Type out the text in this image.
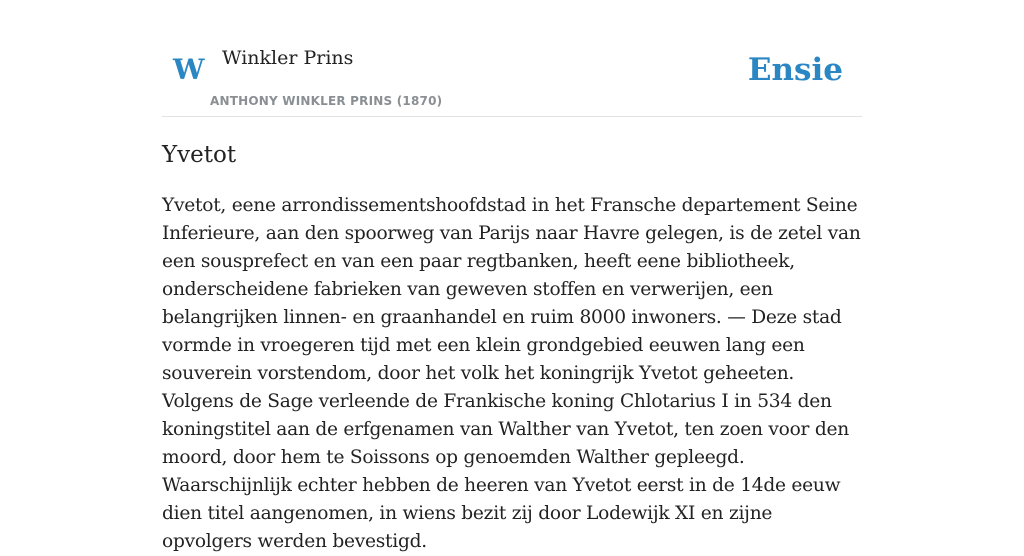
W Winkler Prins
ANTHONY WINKLER PRINS (1870)
Ensie
Yvetot

Yvetot, eene arrondissementshoofdstad in het Fransche departement Seine Inferieure, aan den spoorweg van Parijs naar Havre gelegen, is de zetel van een sousprefect en van een paar regtbanken, heeft eene bibliotheek, onderscheidene fabrieken van geweven stoffen en verwerijen, een belangrijken linnen- en graanhandel en ruim 8000 inwoners. — Deze stad vormde in vroegeren tijd met een klein grondgebied eeuwen lang een souverein vorstendom, door het volk het koningrijk Yvetot geheeten. Volgens de Sage verleende de Frankische koning Chlotarius I in 534 den koningstitel aan de erfgenamen van Walther van Yvetot, ten zoen voor den moord, door hem te Soissons op genoemden Walther gepleegd. Waarschijnlijk echter hebben de heeren van Yvetot eerst in de 14de eeuw dien titel aangenomen, in wiens bezit zij door Lodewijk XI en zijne opvolgers werden bevestigd.
